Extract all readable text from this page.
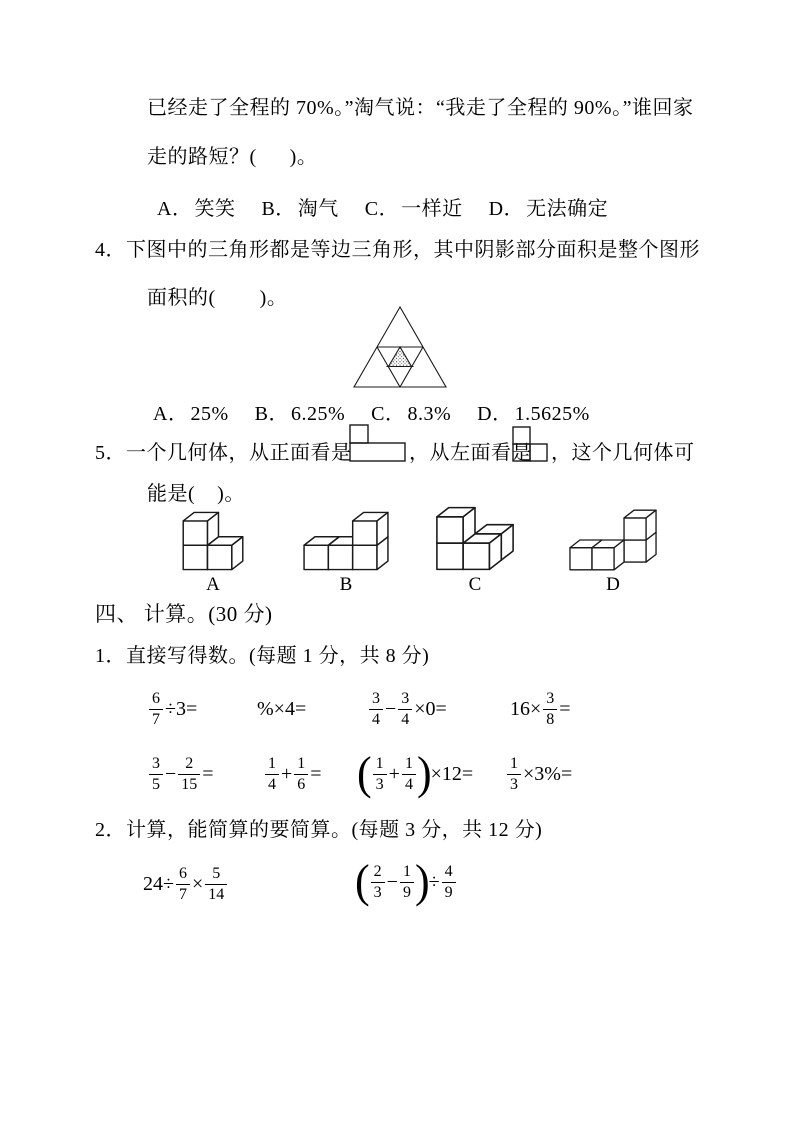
已经走了全程的 70%。”淘气说：“我走了全程的 90%。”谁回家
走的路短？(      )。
A． 笑笑 B． 淘气 C． 一样近 D． 无法确定
4．下图中的三角形都是等边三角形，其中阴影部分面积是整个图形
面积的(        )。
A． 25% B． 6.25% C． 8.3% D． 1.5625%
5．一个几何体，从正面看是	，从左面看是 ，这个几何体可
能是(    )。
A	B	C	D
四、 计算。(30 分)
1．直接写得数。(每题 1 分，共 8 分)
$\frac{6}{7} \div 3=$	%×4=	$\frac{3}{4} - \frac{3}{4} \times 0=$	$16\times \frac{3}{8}$ =
$\frac{3}{5} - \frac{2}{15}$ =	$\frac{1}{4} + \frac{1}{6}$ = ( $\frac{1}{3} + \frac{1}{4}$ ) $\times 12= \frac{1}{3} \times 3\%=$
2．计算，能简算的要简算。(每题 3 分，共 12 分)
$24\div \frac{6}{7} \times \frac{5}{14}$	( $\frac{2}{3} - \frac{1}{9}$ ) ÷ $\frac{4}{9}$
